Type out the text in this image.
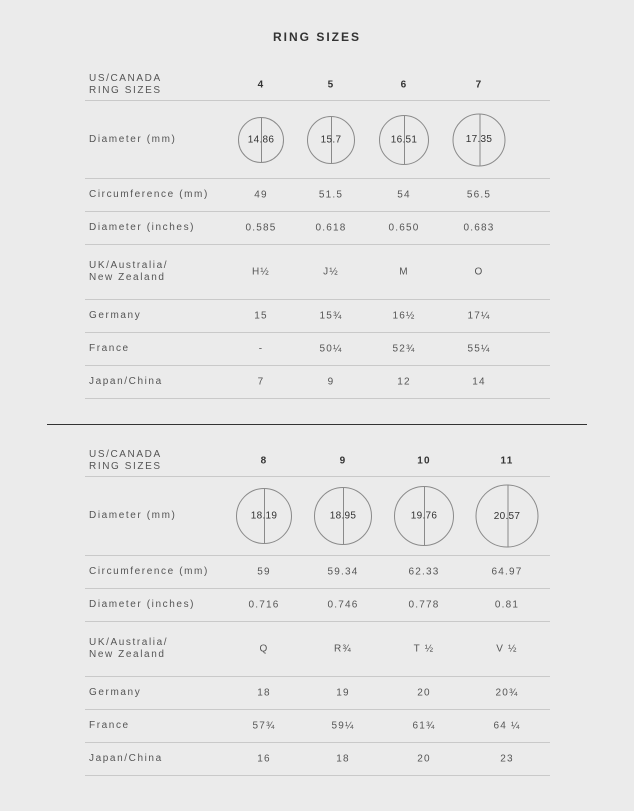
RING SIZES
US/CANADA
RING SIZES	4	5	6	7
Diameter (mm)	14.86	15.7	16.51	17.35
Circumference (mm)	49	51.5	54	56.5
Diameter (inches)	0.585	0.618	0.650	0.683
UK/Australia/
New Zealand	H½	J½	M	O
Germany	15	15¾	16½	17¼
France	-	50¼	52¾	55¼
Japan/China	7	9	12	14
US/CANADA
RING SIZES	8	9	10	11
Diameter (mm)	18.19	18.95	19.76	20.57
Circumference (mm)	59	59.34	62.33	64.97
Diameter (inches)	0.716	0.746	0.778	0.81
UK/Australia/
New Zealand	Q	R¾	T ½	V ½
Germany	18	19	20	20¾
France	57¾	59¼	61¾	64 ¼
Japan/China	16	18	20	23
